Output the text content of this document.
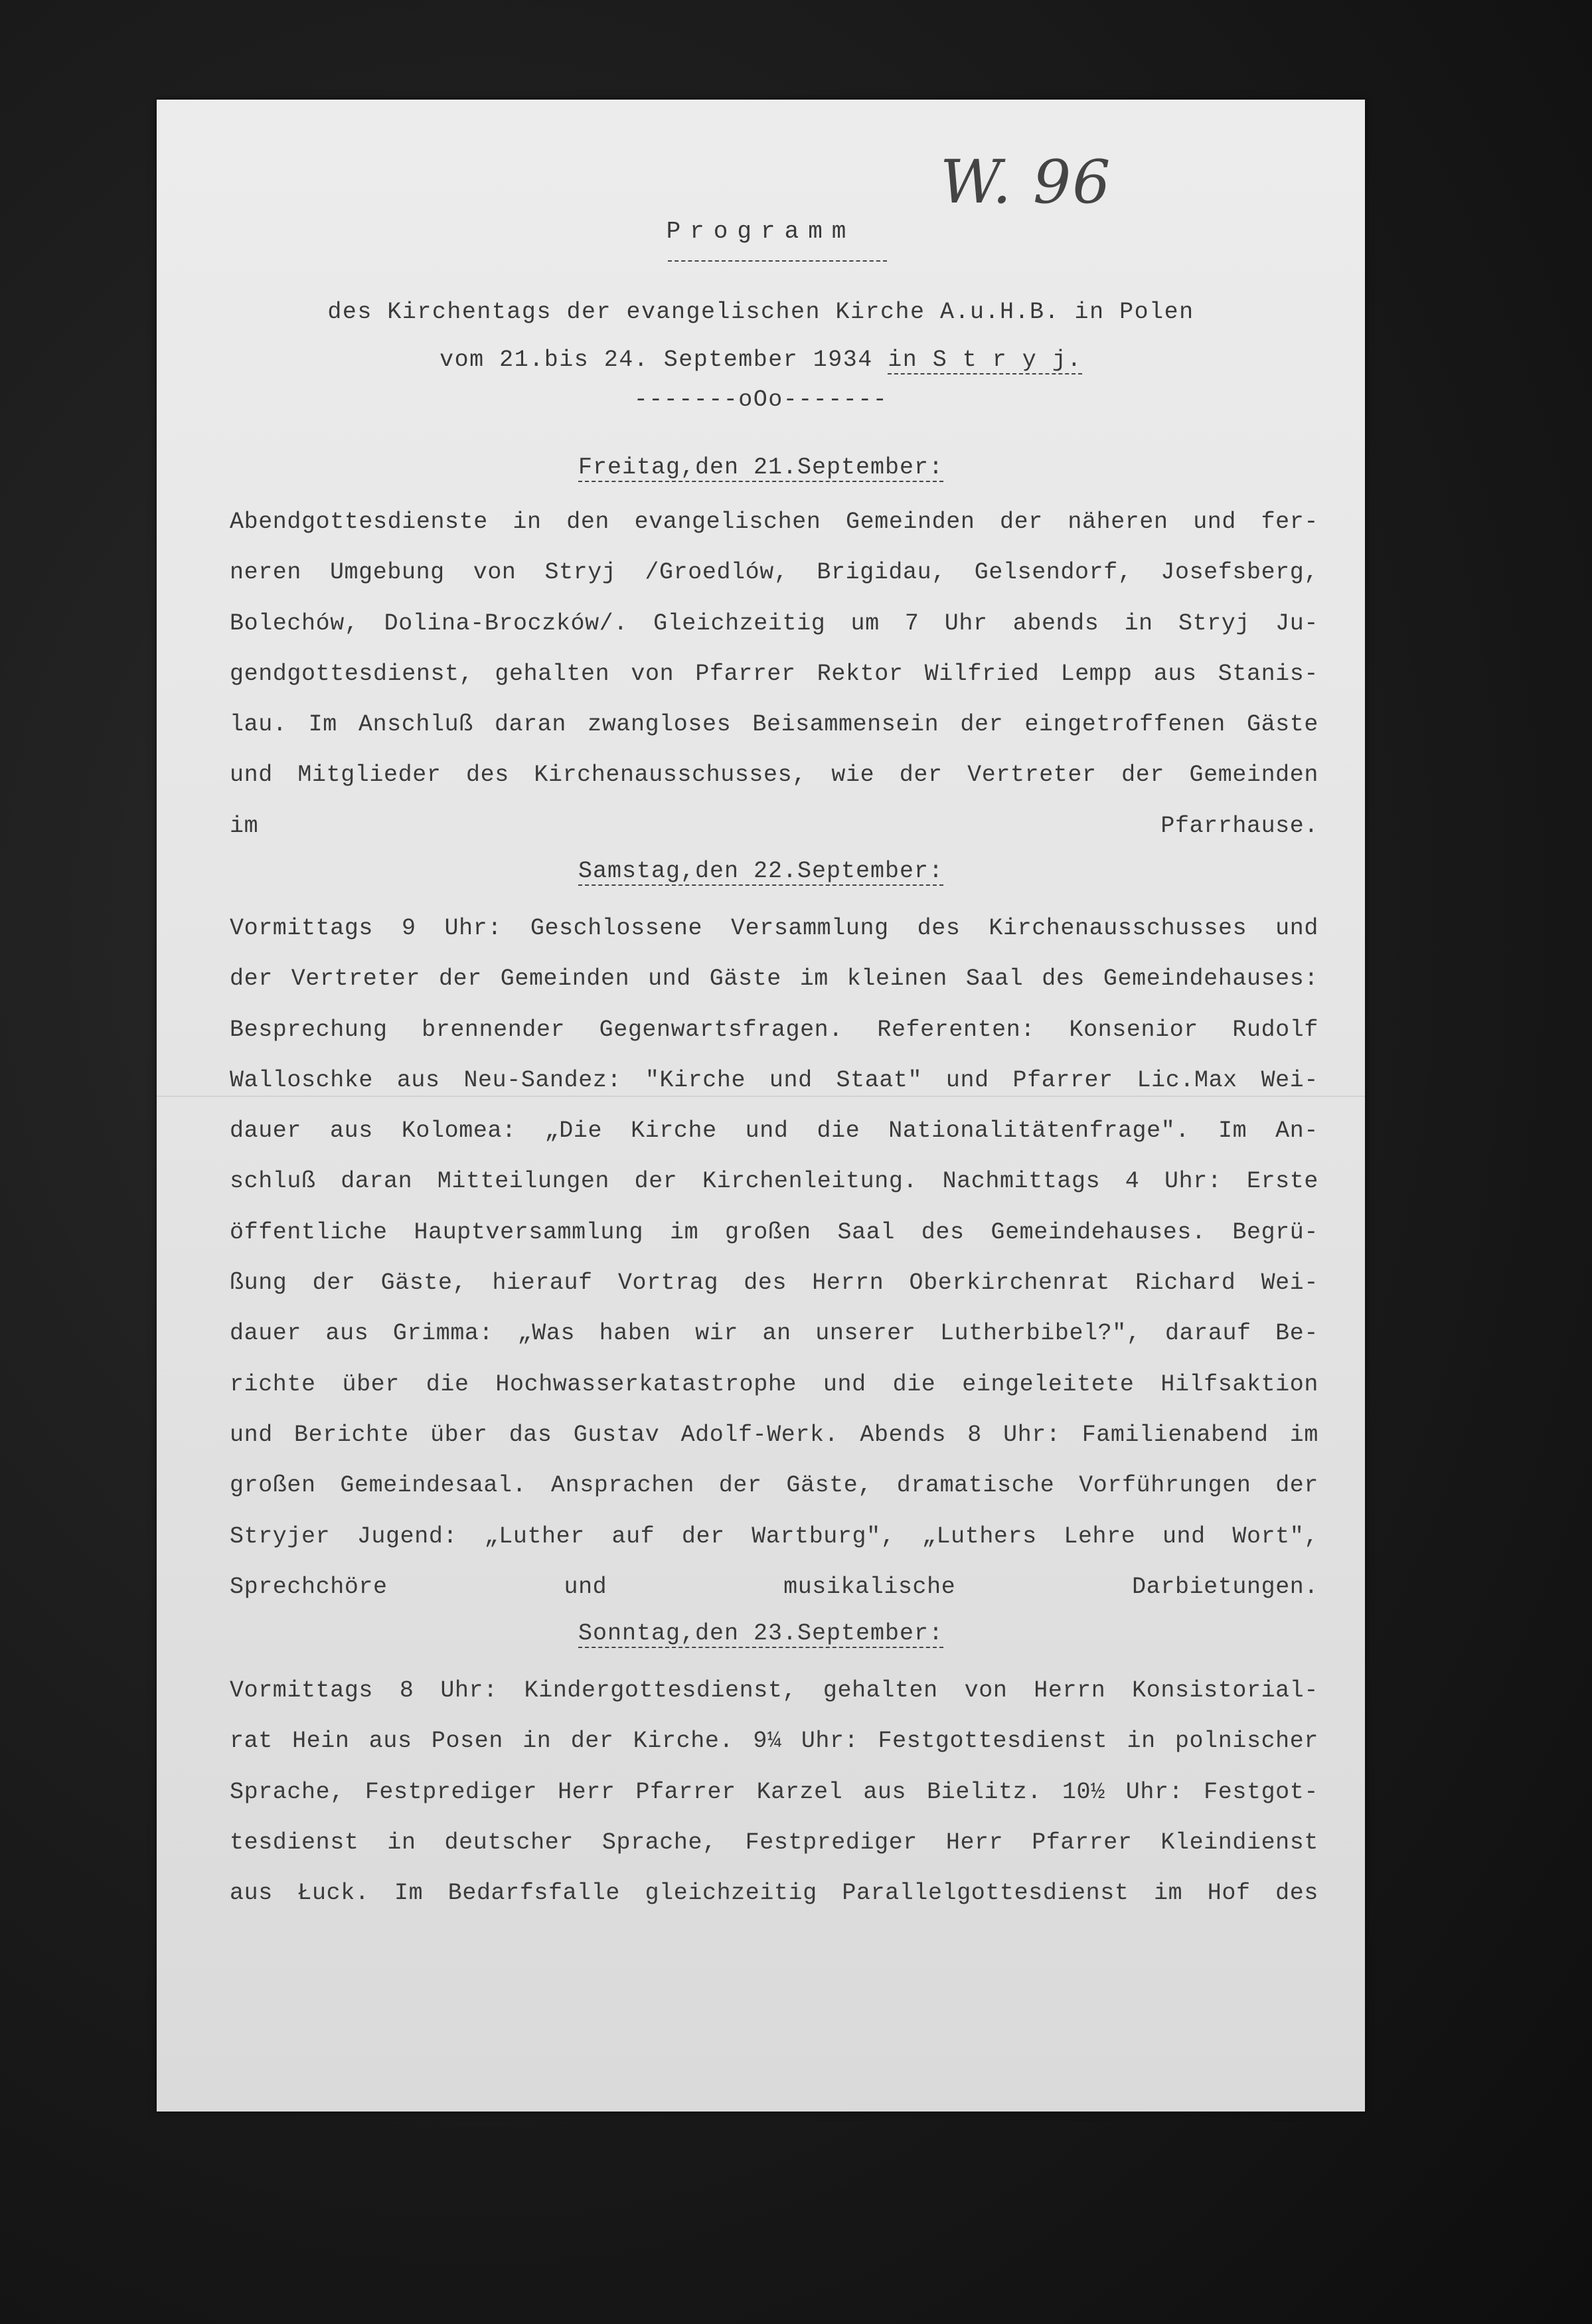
W. 96
Programm
des Kirchentags der evangelischen Kirche A.u.H.B. in Polen
vom 21.bis 24. September 1934 in S t r y j.
-------oOo-------
Freitag,den 21.September:
Abendgottesdienste in den evangelischen Gemeinden der näheren und fer-
neren Umgebung von Stryj /Groedlów, Brigidau, Gelsendorf, Josefsberg,
Bolechów, Dolina-Broczków/. Gleichzeitig um 7 Uhr abends in Stryj Ju-
gendgottesdienst, gehalten von Pfarrer Rektor Wilfried Lempp aus Stanis-
lau. Im Anschluß daran zwangloses Beisammensein der eingetroffenen Gäste
und Mitglieder des Kirchenausschusses, wie der Vertreter der Gemeinden
im Pfarrhause.
Samstag,den 22.September:
Vormittags 9 Uhr: Geschlossene Versammlung des Kirchenausschusses und
der Vertreter der Gemeinden und Gäste im kleinen Saal des Gemeindehauses:
Besprechung brennender Gegenwartsfragen. Referenten: Konsenior Rudolf
Walloschke aus Neu-Sandez: "Kirche und Staat" und Pfarrer Lic.Max Wei-
dauer aus Kolomea: „Die Kirche und die Nationalitätenfrage". Im An-
schluß daran Mitteilungen der Kirchenleitung. Nachmittags 4 Uhr: Erste
öffentliche Hauptversammlung im großen Saal des Gemeindehauses. Begrü-
ßung der Gäste, hierauf Vortrag des Herrn Oberkirchenrat Richard Wei-
dauer aus Grimma: „Was haben wir an unserer Lutherbibel?", darauf Be-
richte über die Hochwasserkatastrophe und die eingeleitete Hilfsaktion
und Berichte über das Gustav Adolf-Werk. Abends 8 Uhr: Familienabend im
großen Gemeindesaal. Ansprachen der Gäste, dramatische Vorführungen der
Stryjer Jugend: „Luther auf der Wartburg", „Luthers Lehre und Wort",
Sprechchöre und musikalische Darbietungen.
Sonntag,den 23.September:
Vormittags 8 Uhr: Kindergottesdienst, gehalten von Herrn Konsistorial-
rat Hein aus Posen in der Kirche. 9¼ Uhr: Festgottesdienst in polnischer
Sprache, Festprediger Herr Pfarrer Karzel aus Bielitz. 10½ Uhr: Festgot-
tesdienst in deutscher Sprache, Festprediger Herr Pfarrer Kleindienst
aus Łuck. Im Bedarfsfalle gleichzeitig Parallelgottesdienst im Hof des
